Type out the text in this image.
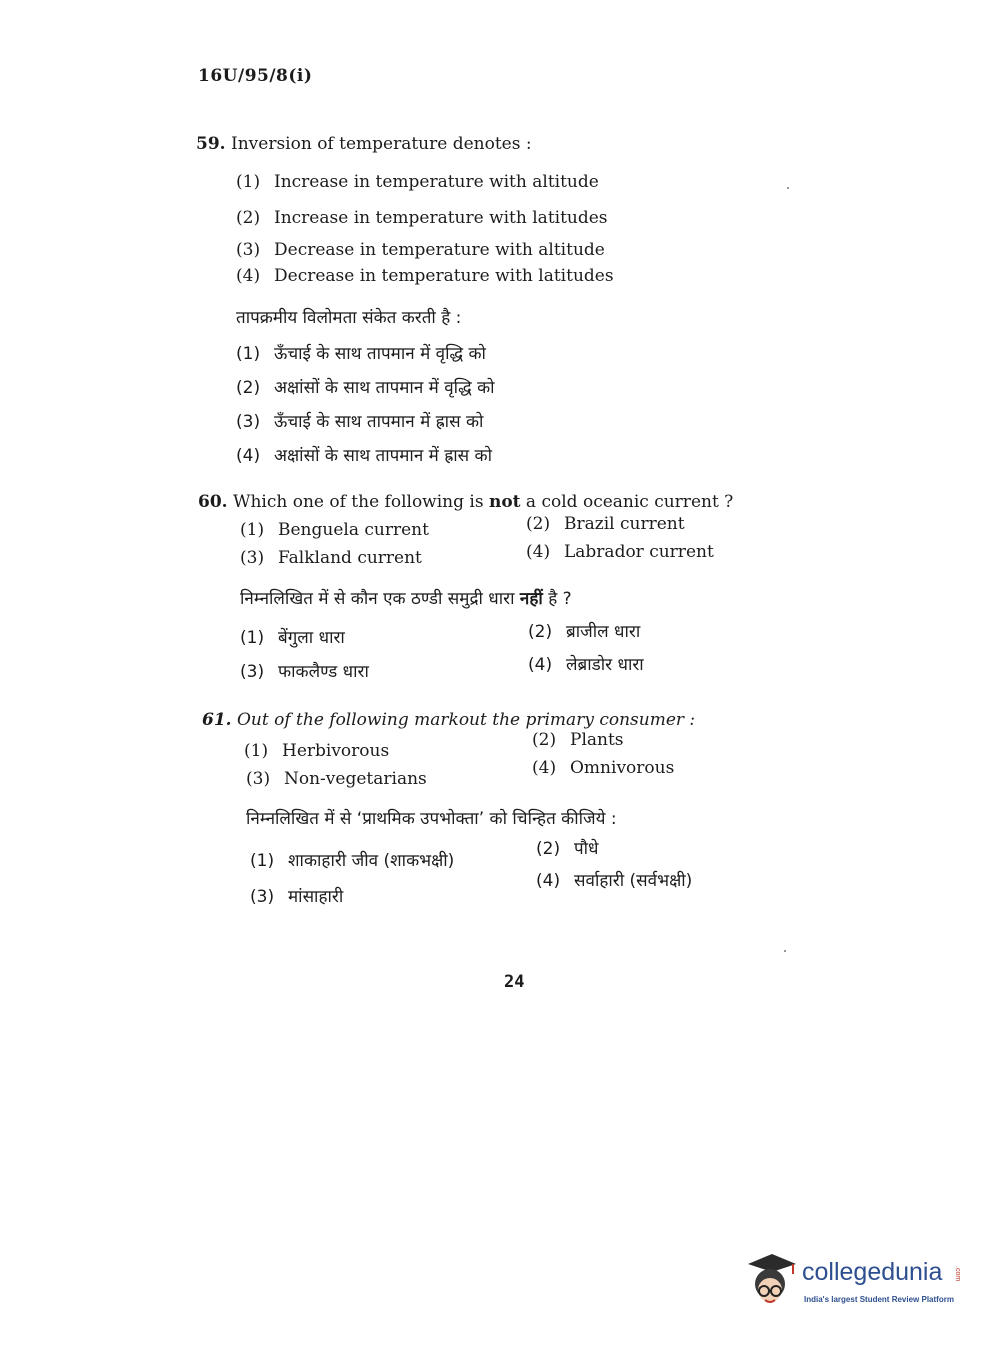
16U/95/8(i)
59. Inversion of temperature denotes :
(1) Increase in temperature with altitude
(2) Increase in temperature with latitudes
(3) Decrease in temperature with altitude
(4) Decrease in temperature with latitudes
तापक्रमीय विलोमता संकेत करती है :
(1) ऊँचाई के साथ तापमान में वृद्धि को
(2) अक्षांसों के साथ तापमान में वृद्धि को
(3) ऊँचाई के साथ तापमान में ह्रास को
(4) अक्षांसों के साथ तापमान में ह्रास को
60. Which one of the following is not a cold oceanic current ?
(1) Benguela current	(2) Brazil current
(3) Falkland current	(4) Labrador current
निम्नलिखित में से कौन एक ठण्डी समुद्री धारा नहीं है ?
(1) बेंगुला धारा	(2) ब्राजील धारा
(3) फाकलैण्ड धारा	(4) लेब्राडोर धारा
61. Out of the following markout the primary consumer :
(1) Herbivorous
(2) Plants
(3) Non-vegetarians
(4) Omnivorous
निम्नलिखित में से ‘प्राथमिक उपभोक्ता’ को चिन्हित कीजिये :
(1) शाकाहारी जीव (शाकभक्षी)
(2) पौधे
(3) मांसाहारी
(4) सर्वाहारी (सर्वभक्षी)
24
collegedunia .com
India's largest Student Review Platform
